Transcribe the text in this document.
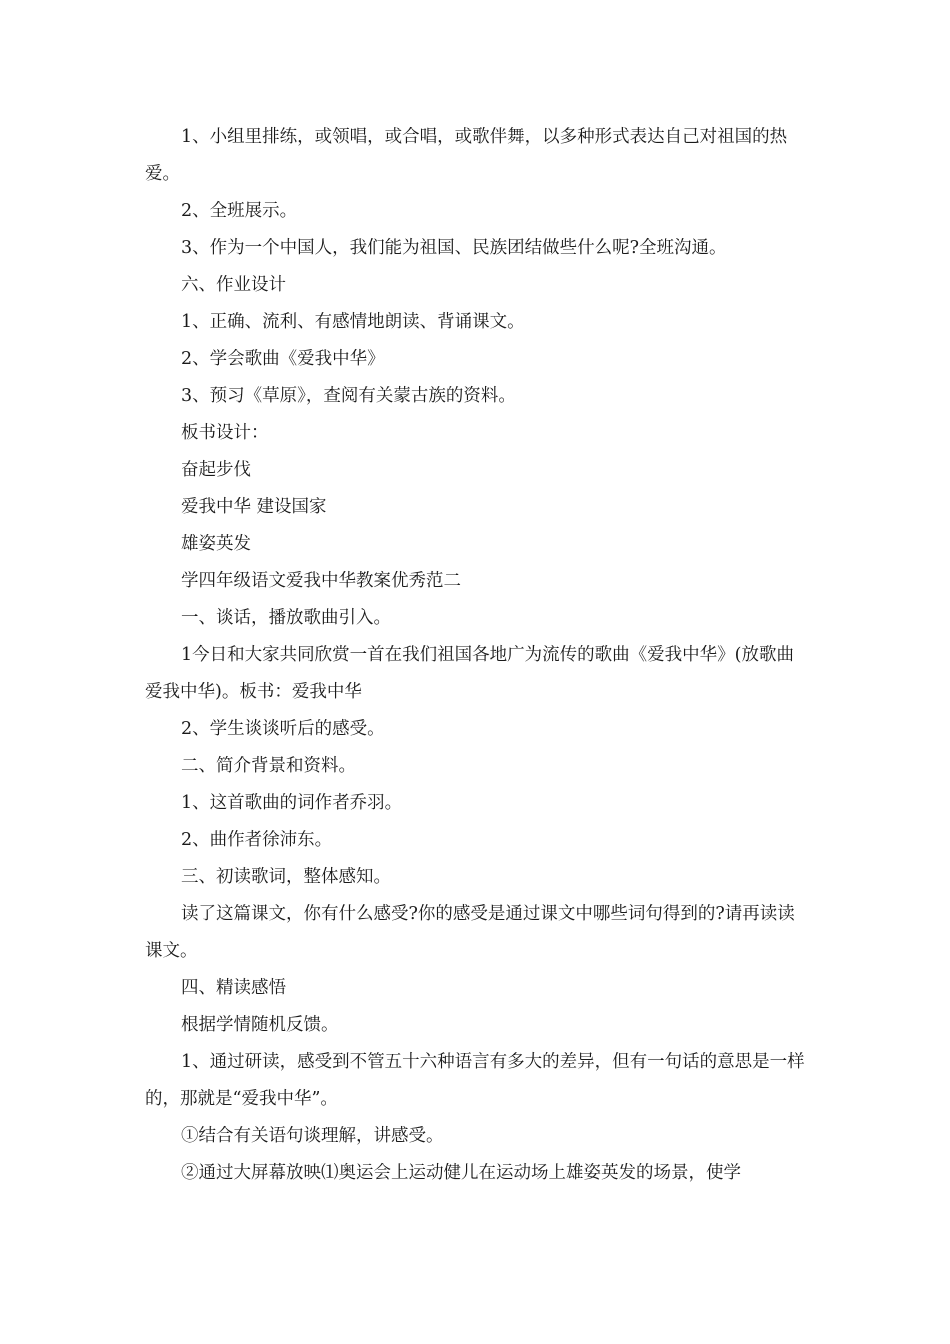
1、小组里排练，或领唱，或合唱，或歌伴舞，以多种形式表达自己对祖国的热爱。

2、全班展示。

3、作为一个中国人，我们能为祖国、民族团结做些什么呢?全班沟通。

六、作业设计

1、正确、流利、有感情地朗读、背诵课文。

2、学会歌曲《爱我中华》

3、预习《草原》，查阅有关蒙古族的资料。

板书设计：

奋起步伐

爱我中华 建设国家

雄姿英发

学四年级语文爱我中华教案优秀范二

一、谈话，播放歌曲引入。

1今日和大家共同欣赏一首在我们祖国各地广为流传的歌曲《爱我中华》(放歌曲爱我中华)。板书：爱我中华

2、学生谈谈听后的感受。

二、简介背景和资料。

1、这首歌曲的词作者乔羽。

2、曲作者徐沛东。

三、初读歌词，整体感知。

读了这篇课文，你有什么感受?你的感受是通过课文中哪些词句得到的?请再读读课文。

四、精读感悟

根据学情随机反馈。

1、通过研读，感受到不管五十六种语言有多大的差异，但有一句话的意思是一样的，那就是“爱我中华”。

①结合有关语句谈理解，讲感受。

②通过大屏幕放映⑴奥运会上运动健儿在运动场上雄姿英发的场景，使学
